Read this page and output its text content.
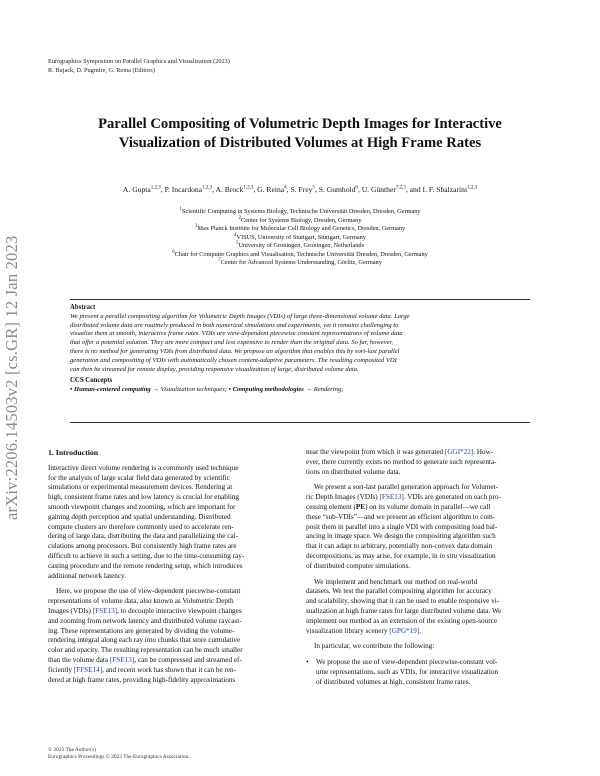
Eurographics Symposium on Parallel Graphics and Visualization (2023)
R. Bujack, D. Pugmire, G. Reina (Editors)
arXiv:2206.14503v2 [cs.GR] 12 Jan 2023
Parallel Compositing of Volumetric Depth Images for Interactive
Visualization of Distributed Volumes at High Frame Rates
A. Gupta$^{1,2,3}$, P. Incardona$^{1,2,3}$, A. Brock$^{1,2,3}$, G. Reina$^4$, S. Frey$^5$, S. Gumhold$^6$, U. Günther$^{7,2,3}$, and I. F. Sbalzarini$^{1,2,3}$
$^1$Scientific Computing in Systems Biology, Technische Universität Dresden, Dresden, Germany
$^2$Center for Systems Biology, Dresden, Germany
$^3$Max Planck Institute for Molecular Cell Biology and Genetics, Dresden, Germany
$^4$VISUS, University of Stuttgart, Stuttgart, Germany
$^5$University of Groningen, Groningen, Netherlands
$^6$Chair for Computer Graphics and Visualisation, Technische Universität Dresden, Dresden, Germany
$^7$Center for Advanced Systems Understanding, Görlitz, Germany
Abstract
We present a parallel compositing algorithm for Volumetric Depth Images (VDIs) of large three-dimensional volume data. Large
distributed volume data are routinely produced in both numerical simulations and experiments, yet it remains challenging to
visualize them at smooth, interactive frame rates. VDIs are view-dependent piecewise constant representations of volume data
that offer a potential solution. They are more compact and less expensive to render than the original data. So far, however,
there is no method for generating VDIs from distributed data. We propose an algorithm that enables this by sort-last parallel
generation and compositing of VDIs with automatically chosen content-adaptive parameters. The resulting composited VDI
can then be streamed for remote display, providing responsive visualization of large, distributed volume data.
CCS Concepts
• Human-centered computing → Visualization techniques; • Computing methodologies → Rendering;
1. Introduction

Interactive direct volume rendering is a commonly used technique
for the analysis of large scalar field data generated by scientific
simulations or experimental measurement devices. Rendering at
high, consistent frame rates and low latency is crucial for enabling
smooth viewpoint changes and zooming, which are important for
gaining depth perception and spatial understanding. Distributed
compute clusters are therefore commonly used to accelerate ren-
dering of large data, distributing the data and parallelizing the cal-
culations among processors. But consistently high frame rates are
difficult to achieve in such a setting, due to the time-consuming ray-
casting procedure and the remote rendering setup, which introduces
additional network latency.

Here, we propose the use of view-dependent piecewise-constant
representations of volume data, also known as Volumetric Depth
Images (VDIs) [FSE13], to decouple interactive viewpoint changes
and zooming from network latency and distributed volume raycast-
ing. These representations are generated by dividing the volume-
rendering integral along each ray into chunks that store cumulative
color and opacity. The resulting representation can be much smaller
than the volume data [FSE13], can be compressed and streamed ef-
ficiently [FFSE14], and recent work has shown that it can be ren-
dered at high frame rates, providing high-fidelity approximations

near the viewpoint from which it was generated [GGI*22]. How-
ever, there currently exists no method to generate such representa-
tions on distributed volume data.

We present a sort-last parallel generation approach for Volumet-
ric Depth Images (VDIs) [FSE13]. VDIs are generated on each pro-
cessing element (PE) on its volume domain in parallel—we call
these “sub-VDIs”—and we present an efficient algorithm to com-
posit them in parallel into a single VDI with compositing load bal-
ancing in image space. We design the compositing algorithm such
that it can adapt to arbitrary, potentially non-convex data domain
decompositions, as may arise, for example, in in situ visualization
of distributed computer simulations.

We implement and benchmark our method on real-world
datasets. We test the parallel compositing algorithm for accuracy
and scalability, showing that it can be used to enable responsive vi-
sualization at high frame rates for large distributed volume data. We
implement our method as an extension of the existing open-source
visualization library scenery [GPG*19].

In particular, we contribute the following:

• We propose the use of view-dependent piecewise-constant vol-
ume representations, such as VDIs, for interactive visualization
of distributed volumes at high, consistent frame rates.
© 2023 The Author(s)
Eurographics Proceedings © 2023 The Eurographics Association.
